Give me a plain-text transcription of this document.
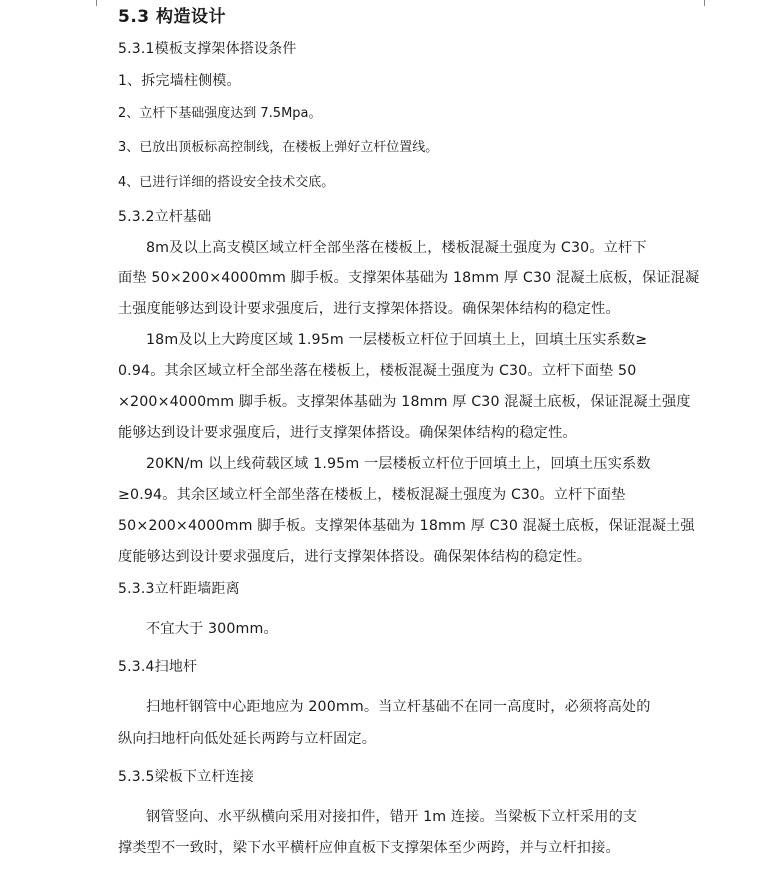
5.3 构造设计
5.3.1模板支撑架体搭设条件
1、拆完墙柱侧模。
2、立杆下基础强度达到 7.5Mpa。
3、已放出顶板标高控制线，在楼板上弹好立杆位置线。
4、已进行详细的搭设安全技术交底。
5.3.2立杆基础
8m及以上高支模区域立杆全部坐落在楼板上，楼板混凝土强度为 C30。立杆下
面垫 50×200×4000mm 脚手板。支撑架体基础为 18mm 厚 C30 混凝土底板，保证混凝
土强度能够达到设计要求强度后，进行支撑架体搭设。确保架体结构的稳定性。
18m及以上大跨度区域 1.95m 一层楼板立杆位于回填土上，回填土压实系数≥
0.94。其余区域立杆全部坐落在楼板上，楼板混凝土强度为 C30。立杆下面垫 50
×200×4000mm 脚手板。支撑架体基础为 18mm 厚 C30 混凝土底板，保证混凝土强度
能够达到设计要求强度后，进行支撑架体搭设。确保架体结构的稳定性。
20KN/m 以上线荷载区域 1.95m 一层楼板立杆位于回填土上，回填土压实系数
≥0.94。其余区域立杆全部坐落在楼板上，楼板混凝土强度为 C30。立杆下面垫
50×200×4000mm 脚手板。支撑架体基础为 18mm 厚 C30 混凝土底板，保证混凝土强
度能够达到设计要求强度后，进行支撑架体搭设。确保架体结构的稳定性。
5.3.3立杆距墙距离
不宜大于 300mm。
5.3.4扫地杆
扫地杆钢管中心距地应为 200mm。当立杆基础不在同一高度时，必须将高处的
纵向扫地杆向低处延长两跨与立杆固定。
5.3.5梁板下立杆连接
钢管竖向、水平纵横向采用对接扣件，错开 1m 连接。当梁板下立杆采用的支
撑类型不一致时，梁下水平横杆应伸直板下支撑架体至少两跨，并与立杆扣接。
